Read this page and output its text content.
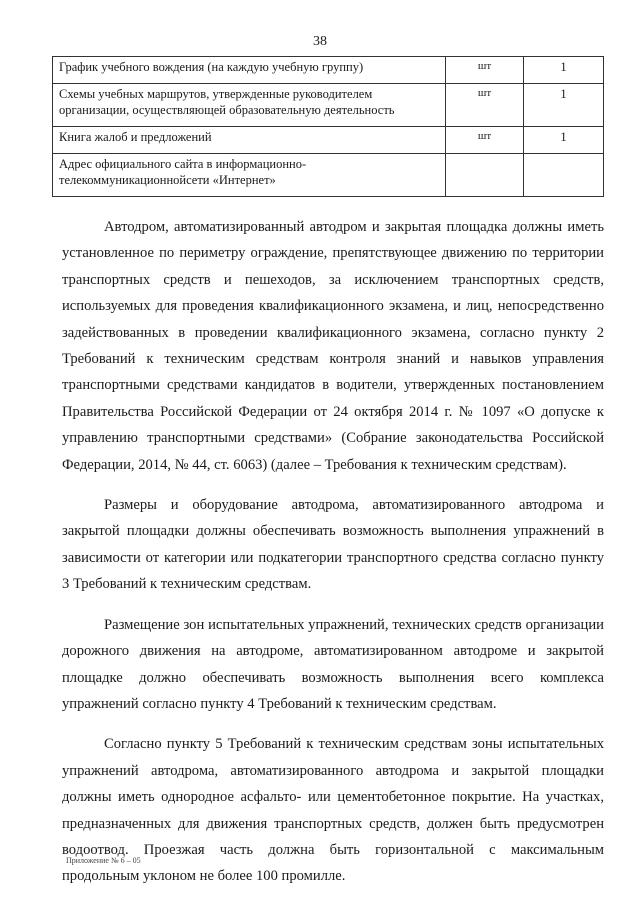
38
График учебного вождения (на каждую учебную группу)	шт	1
Схемы учебных маршрутов, утвержденные руководителем организации, осуществляющей образовательную деятельность	шт	1
Книга жалоб и предложений	шт	1
Адрес официального сайта в информационно-телекоммуникационнойсети «Интернет»		

Автодром, автоматизированный автодром и закрытая площадка должны иметь установленное по периметру ограждение, препятствующее движению по территории транспортных средств и пешеходов, за исключением транспортных средств, используемых для проведения квалификационного экзамена, и лиц, непосредственно задействованных в проведении квалификационного экзамена, согласно пункту 2 Требований к техническим средствам контроля знаний и навыков управления транспортными средствами кандидатов в водители, утвержденных постановлением Правительства Российской Федерации от 24 октября 2014 г. № 1097 «О допуске к управлению транспортными средствами» (Собрание законодательства Российской Федерации, 2014, № 44, ст. 6063) (далее – Требования к техническим средствам).

Размеры и оборудование автодрома, автоматизированного автодрома и закрытой площадки должны обеспечивать возможность выполнения упражнений в зависимости от категории или подкатегории транспортного средства согласно пункту 3 Требований к техническим средствам.

Размещение зон испытательных упражнений, технических средств организации дорожного движения на автодроме, автоматизированном автодроме и закрытой площадке должно обеспечивать возможность выполнения всего комплекса упражнений согласно пункту 4 Требований к техническим средствам.

Согласно пункту 5 Требований к техническим средствам зоны испытательных упражнений автодрома, автоматизированного автодрома и закрытой площадки должны иметь однородное асфальто- или цементобетонное покрытие. На участках, предназначенных для движения транспортных средств, должен быть предусмотрен водоотвод. Проезжая часть должна быть горизонтальной с максимальным продольным уклоном не более 100 промилле.

Приложение № 6 – 05
